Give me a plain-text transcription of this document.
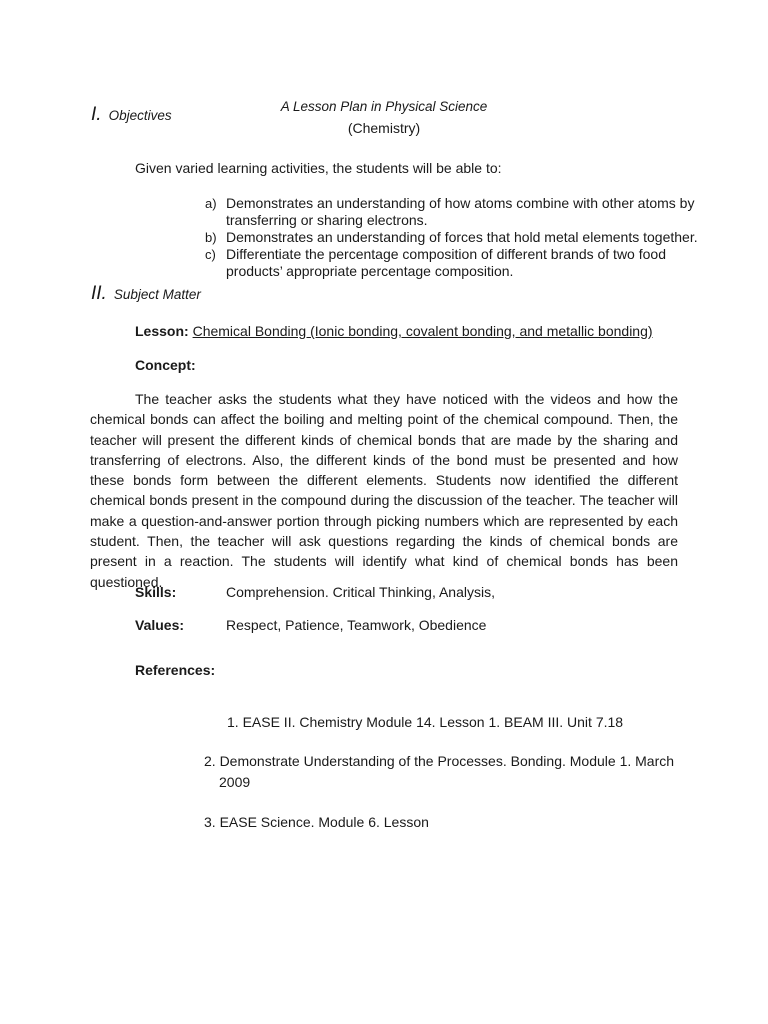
A Lesson Plan in Physical Science
(Chemistry)
I. Objectives
Given varied learning activities, the students will be able to:
a) Demonstrates an understanding of how atoms combine with other atoms by transferring or sharing electrons.
b) Demonstrates an understanding of forces that hold metal elements together.
c) Differentiate the percentage composition of different brands of two food products’ appropriate percentage composition.
II. Subject Matter
Lesson: Chemical Bonding (Ionic bonding, covalent bonding, and metallic bonding)
Concept:

The teacher asks the students what they have noticed with the videos and how the chemical bonds can affect the boiling and melting point of the chemical compound. Then, the teacher will present the different kinds of chemical bonds that are made by the sharing and transferring of electrons. Also, the different kinds of the bond must be presented and how these bonds form between the different elements. Students now identified the different chemical bonds present in the compound during the discussion of the teacher. The teacher will make a question-and-answer portion through picking numbers which are represented by each student. Then, the teacher will ask questions regarding the kinds of chemical bonds are present in a reaction. The students will identify what kind of chemical bonds has been questioned.

Skills:	Comprehension. Critical Thinking, Analysis,
Values:	Respect, Patience, Teamwork, Obedience
References:
1. EASE II. Chemistry Module 14. Lesson 1. BEAM III. Unit 7.18
2. Demonstrate Understanding of the Processes. Bonding. Module 1. March 2009
3. EASE Science. Module 6. Lesson
